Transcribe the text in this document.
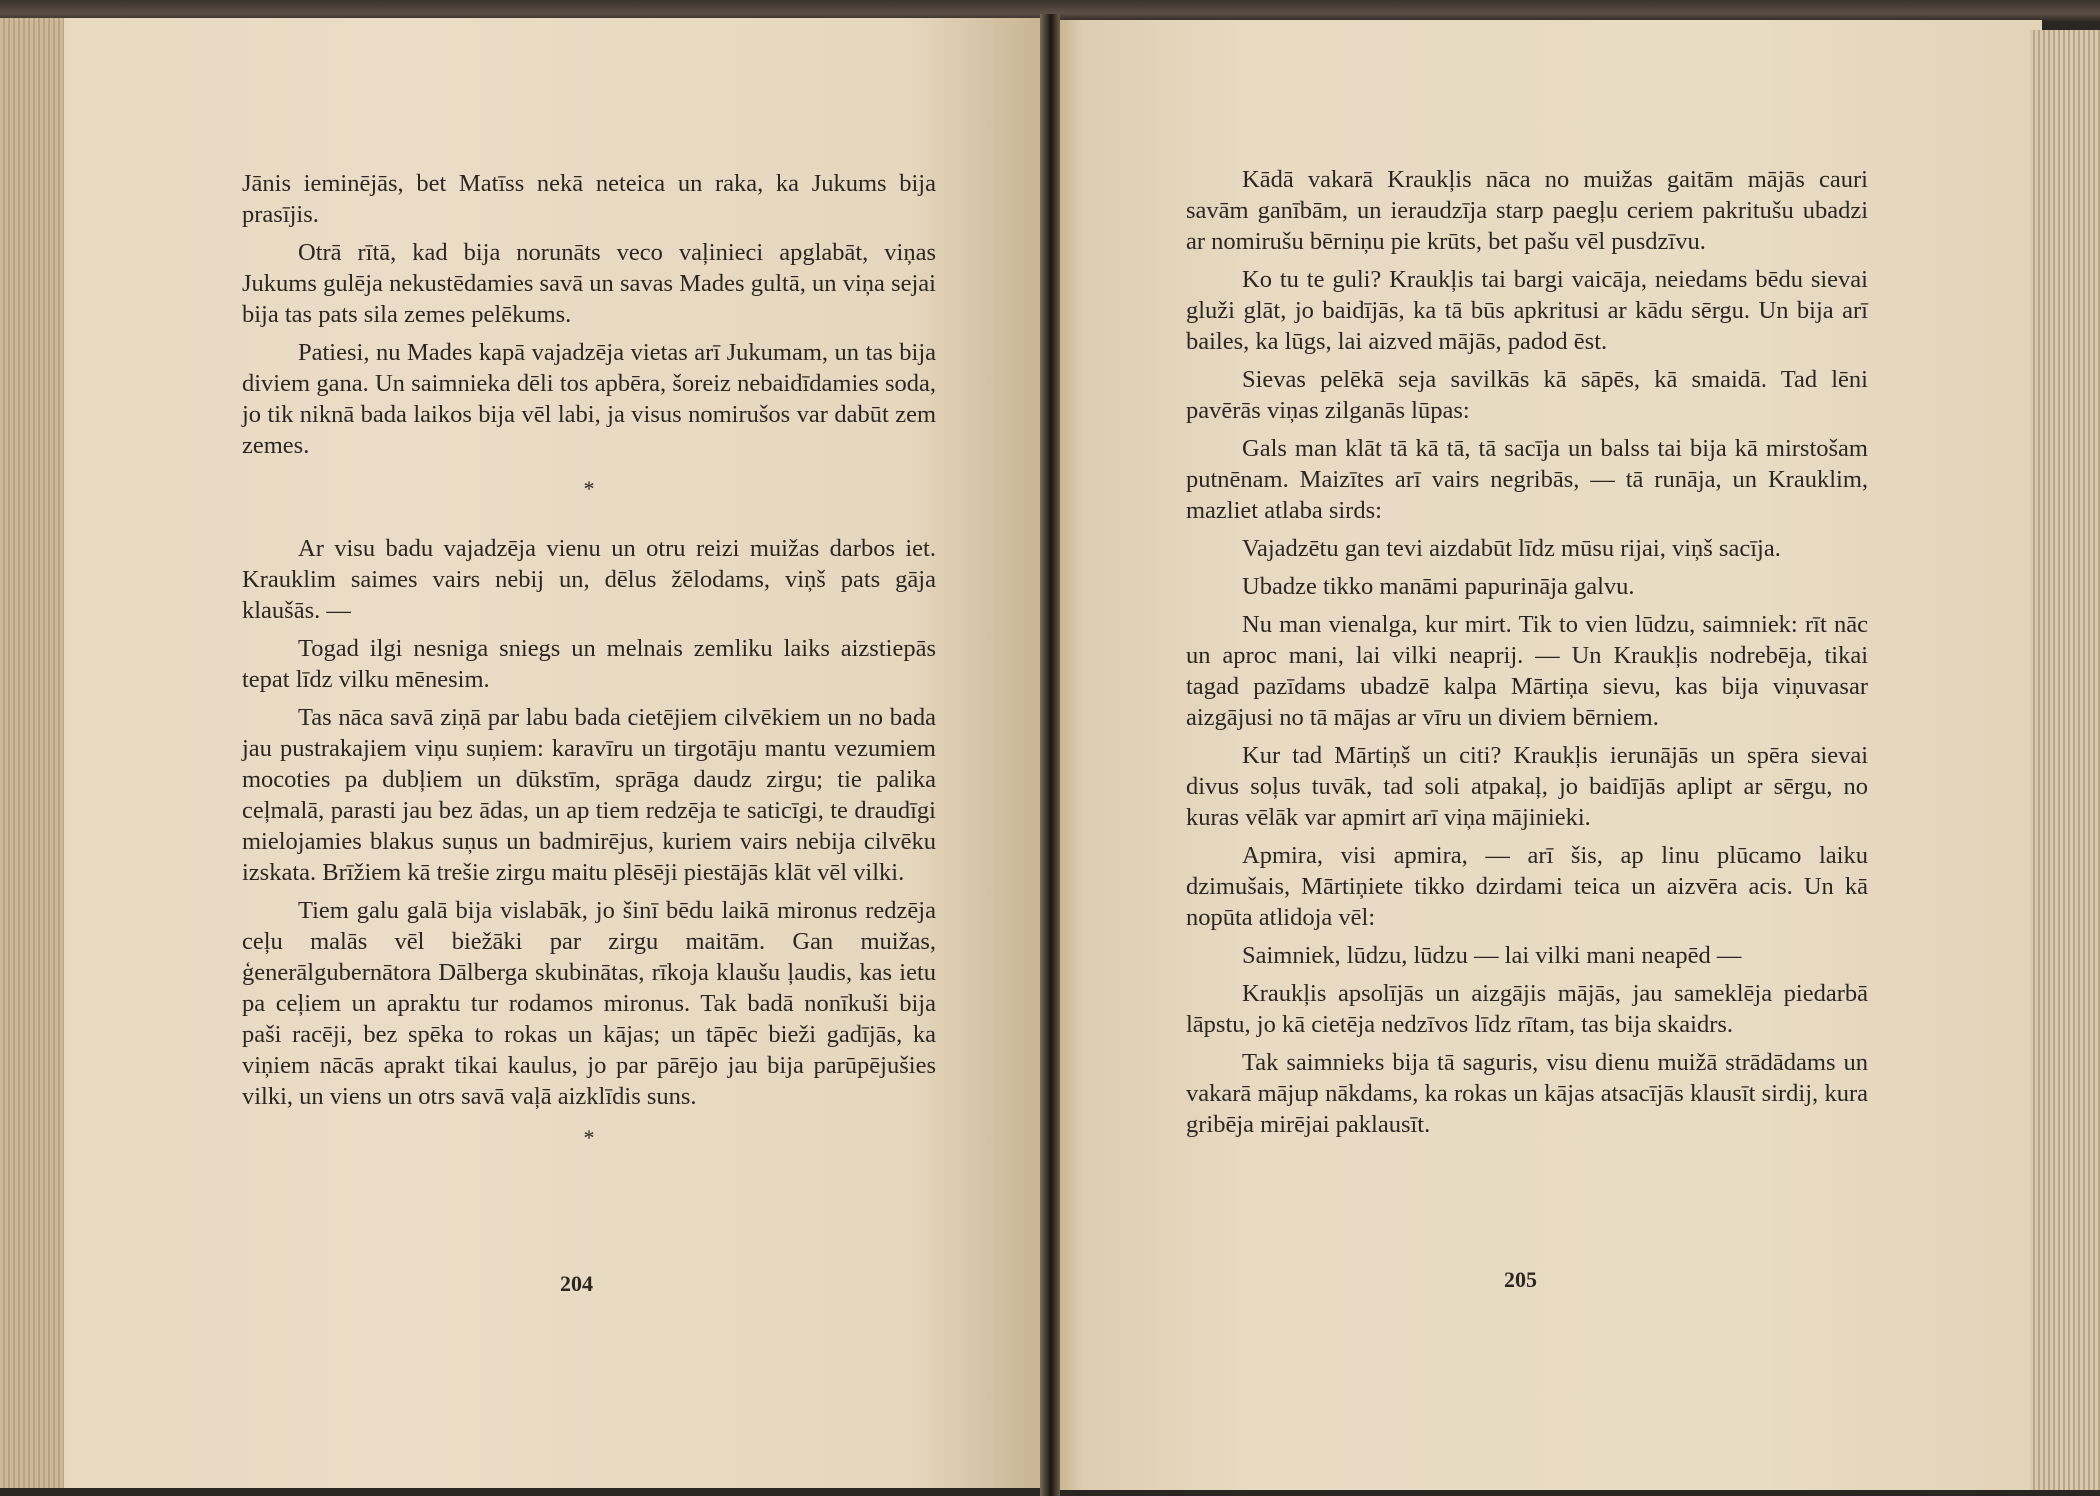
Jānis ieminējās, bet Matīss nekā neteica un raka, ka Jukums bija prasījis.

Otrā rītā, kad bija norunāts veco vaļinieci apglabāt, viņas Jukums gulēja nekustēdamies savā un savas Mades gultā, un viņa sejai bija tas pats sila zemes pelēkums.

Patiesi, nu Mades kapā vajadzēja vietas arī Jukumam, un tas bija diviem gana. Un saimnieka dēli tos apbēra, šoreiz nebaidīdamies soda, jo tik niknā bada laikos bija vēl labi, ja visus nomirušos var dabūt zem zemes.

*

Ar visu badu vajadzēja vienu un otru reizi muižas darbos iet. Krauklim saimes vairs nebij un, dēlus žēlodams, viņš pats gāja klaušās. —

Togad ilgi nesniga sniegs un melnais zemliku laiks aizstiepās tepat līdz vilku mēnesim.

Tas nāca savā ziņā par labu bada cietējiem cilvēkiem un no bada jau pustrakajiem viņu suņiem: karavīru un tirgotāju mantu vezumiem mocoties pa dubļiem un dūkstīm, sprāga daudz zirgu; tie palika ceļmalā, parasti jau bez ādas, un ap tiem redzēja te saticīgi, te draudīgi mielojamies blakus suņus un badmirējus, kuriem vairs nebija cilvēku izskata. Brīžiem kā trešie zirgu maitu plēsēji piestājās klāt vēl vilki.

Tiem galu galā bija vislabāk, jo šinī bēdu laikā mironus redzēja ceļu malās vēl biežāki par zirgu maitām. Gan muižas, ģenerālgubernātora Dālberga skubinātas, rīkoja klaušu ļaudis, kas ietu pa ceļiem un apraktu tur rodamos mironus. Tak badā nonīkuši bija paši racēji, bez spēka to rokas un kājas; un tāpēc bieži gadījās, ka viņiem nācās aprakt tikai kaulus, jo par pārējo jau bija parūpējušies vilki, un viens un otrs savā vaļā aizklīdis suns.

*
204

Kādā vakarā Kraukļis nāca no muižas gaitām mājās cauri savām ganībām, un ieraudzīja starp paegļu ceriem pakritušu ubadzi ar nomirušu bērniņu pie krūts, bet pašu vēl pusdzīvu.

Ko tu te guli? Kraukļis tai bargi vaicāja, neiedams bēdu sievai gluži glāt, jo baidījās, ka tā būs apkritusi ar kādu sērgu. Un bija arī bailes, ka lūgs, lai aizved mājās, padod ēst.

Sievas pelēkā seja savilkās kā sāpēs, kā smaidā. Tad lēni pavērās viņas zilganās lūpas:

Gals man klāt tā kā tā, tā sacīja un balss tai bija kā mirstošam putnēnam. Maizītes arī vairs negribās, — tā runāja, un Krauklim, mazliet atlaba sirds:

Vajadzētu gan tevi aizdabūt līdz mūsu rijai, viņš sacīja.

Ubadze tikko manāmi papurināja galvu.

Nu man vienalga, kur mirt. Tik to vien lūdzu, saimniek: rīt nāc un aproc mani, lai vilki neaprij. — Un Kraukļis nodrebēja, tikai tagad pazīdams ubadzē kalpa Mārtiņa sievu, kas bija viņuvasar aizgājusi no tā mājas ar vīru un diviem bērniem.

Kur tad Mārtiņš un citi? Kraukļis ierunājās un spēra sievai divus soļus tuvāk, tad soli atpakaļ, jo baidījās aplipt ar sērgu, no kuras vēlāk var apmirt arī viņa mājinieki.

Apmira, visi apmira, — arī šis, ap linu plūcamo laiku dzimušais, Mārtiņiete tikko dzirdami teica un aizvēra acis. Un kā nopūta atlidoja vēl:

Saimniek, lūdzu, lūdzu — lai vilki mani neapēd —

Kraukļis apsolījās un aizgājis mājās, jau sameklēja piedarbā lāpstu, jo kā cietēja nedzīvos līdz rītam, tas bija skaidrs.

Tak saimnieks bija tā saguris, visu dienu muižā strādādams un vakarā mājup nākdams, ka rokas un kājas atsacījās klausīt sirdij, kura gribēja mirējai paklausīt.

205
